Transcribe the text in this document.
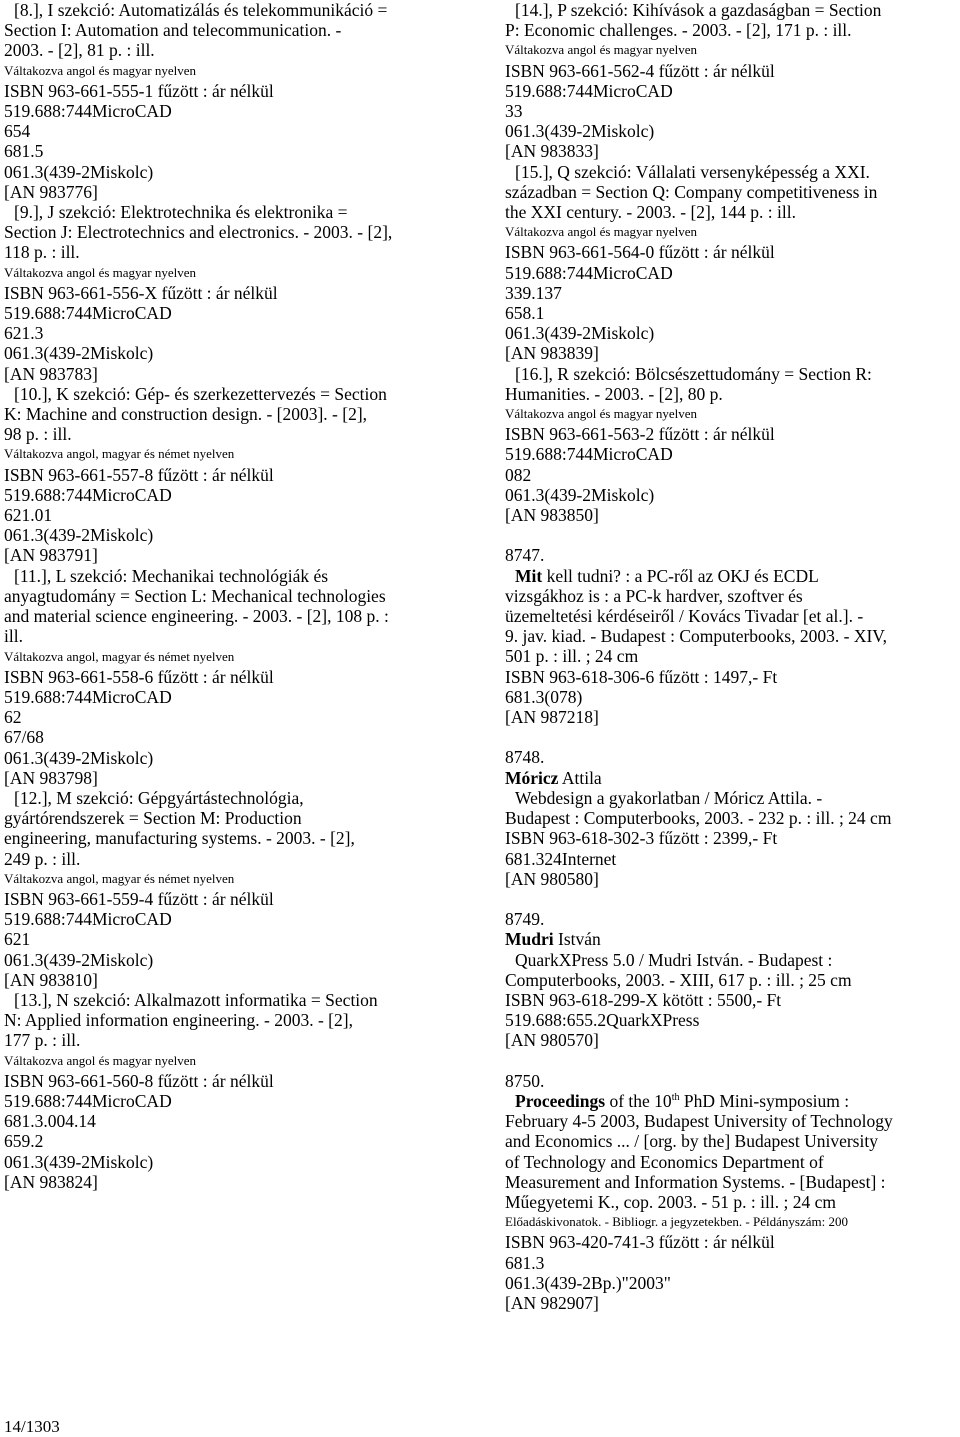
[8.], I szekció: Automatizálás és telekommunikáció =
Section I: Automation and telecommunication. -
2003. - [2], 81 p. : ill.
Váltakozva angol és magyar nyelven
ISBN 963-661-555-1 fűzött : ár nélkül
519.688:744MicroCAD
654
681.5
061.3(439-2Miskolc)
[AN 983776]
[9.], J szekció: Elektrotechnika és elektronika =
Section J: Electrotechnics and electronics. - 2003. - [2],
118 p. : ill.
Váltakozva angol és magyar nyelven
ISBN 963-661-556-X fűzött : ár nélkül
519.688:744MicroCAD
621.3
061.3(439-2Miskolc)
[AN 983783]
[10.], K szekció: Gép- és szerkezettervezés = Section
K: Machine and construction design. - [2003]. - [2],
98 p. : ill.
Váltakozva angol, magyar és német nyelven
ISBN 963-661-557-8 fűzött : ár nélkül
519.688:744MicroCAD
621.01
061.3(439-2Miskolc)
[AN 983791]
[11.], L szekció: Mechanikai technológiák és
anyagtudomány = Section L: Mechanical technologies
and material science engineering. - 2003. - [2], 108 p. :
ill.
Váltakozva angol, magyar és német nyelven
ISBN 963-661-558-6 fűzött : ár nélkül
519.688:744MicroCAD
62
67/68
061.3(439-2Miskolc)
[AN 983798]
[12.], M szekció: Gépgyártástechnológia,
gyártórendszerek = Section M: Production
engineering, manufacturing systems. - 2003. - [2],
249 p. : ill.
Váltakozva angol, magyar és német nyelven
ISBN 963-661-559-4 fűzött : ár nélkül
519.688:744MicroCAD
621
061.3(439-2Miskolc)
[AN 983810]
[13.], N szekció: Alkalmazott informatika = Section
N: Applied information engineering. - 2003. - [2],
177 p. : ill.
Váltakozva angol és magyar nyelven
ISBN 963-661-560-8 fűzött : ár nélkül
519.688:744MicroCAD
681.3.004.14
659.2
061.3(439-2Miskolc)
[AN 983824]
[14.], P szekció: Kihívások a gazdaságban = Section
P: Economic challenges. - 2003. - [2], 171 p. : ill.
Váltakozva angol és magyar nyelven
ISBN 963-661-562-4 fűzött : ár nélkül
519.688:744MicroCAD
33
061.3(439-2Miskolc)
[AN 983833]
[15.], Q szekció: Vállalati versenyképesség a XXI.
században = Section Q: Company competitiveness in
the XXI century. - 2003. - [2], 144 p. : ill.
Váltakozva angol és magyar nyelven
ISBN 963-661-564-0 fűzött : ár nélkül
519.688:744MicroCAD
339.137
658.1
061.3(439-2Miskolc)
[AN 983839]
[16.], R szekció: Bölcsészettudomány = Section R:
Humanities. - 2003. - [2], 80 p.
Váltakozva angol és magyar nyelven
ISBN 963-661-563-2 fűzött : ár nélkül
519.688:744MicroCAD
082
061.3(439-2Miskolc)
[AN 983850]
8747.
Mit kell tudni? : a PC-ről az OKJ és ECDL
vizsgákhoz is : a PC-k hardver, szoftver és
üzemeltetési kérdéseiről / Kovács Tivadar [et al.]. -
9. jav. kiad. - Budapest : Computerbooks, 2003. - XIV,
501 p. : ill. ; 24 cm
ISBN 963-618-306-6 fűzött : 1497,- Ft
681.3(078)
[AN 987218]
8748.
Móricz Attila
Webdesign a gyakorlatban / Móricz Attila. -
Budapest : Computerbooks, 2003. - 232 p. : ill. ; 24 cm
ISBN 963-618-302-3 fűzött : 2399,- Ft
681.324Internet
[AN 980580]
8749.
Mudri István
QuarkXPress 5.0 / Mudri István. - Budapest :
Computerbooks, 2003. - XIII, 617 p. : ill. ; 25 cm
ISBN 963-618-299-X kötött : 5500,- Ft
519.688:655.2QuarkXPress
[AN 980570]
8750.
Proceedings of the 10th PhD Mini-symposium :
February 4-5 2003, Budapest University of Technology
and Economics ... / [org. by the] Budapest University
of Technology and Economics Department of
Measurement and Information Systems. - [Budapest] :
Műegyetemi K., cop. 2003. - 51 p. : ill. ; 24 cm
Előadáskivonatok. - Bibliogr. a jegyzetekben. - Példányszám: 200
ISBN 963-420-741-3 fűzött : ár nélkül
681.3
061.3(439-2Bp.)"2003"
[AN 982907]
14/1303
